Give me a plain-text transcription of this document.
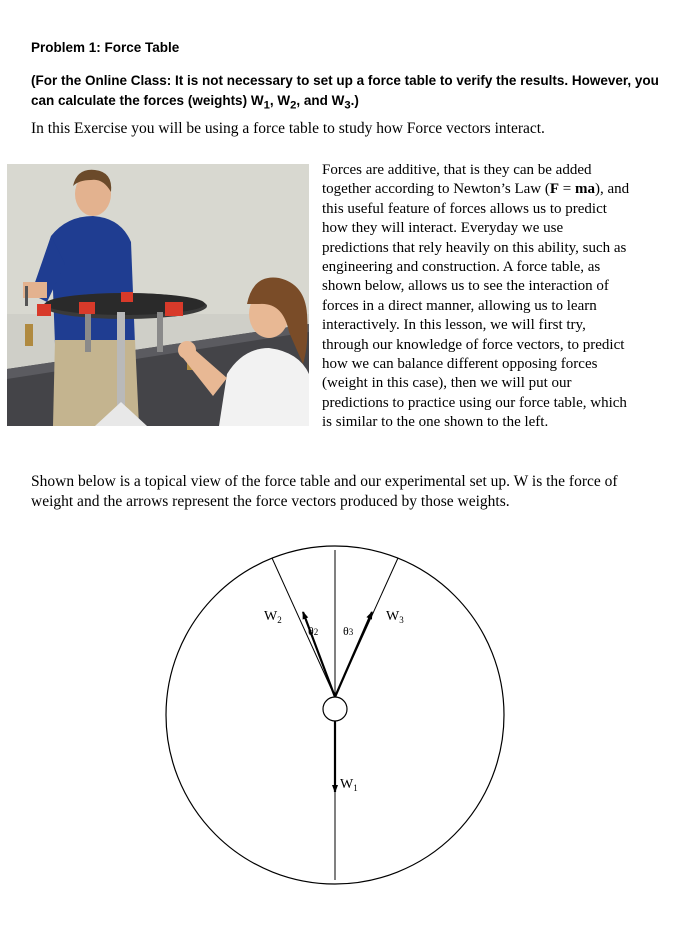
Problem 1: Force Table
(For the Online Class: It is not necessary to set up a force table to verify the results. However, you can calculate the forces (weights) $W_1$, $W_2$, and $W_3$.)
In this Exercise you will be using a force table to study how Force vectors interact.
Forces are additive, that is they can be added
together according to Newton’s Law (F = ma), and
this useful feature of forces allows us to predict
how they will interact. Everyday we use
predictions that rely heavily on this ability, such as
engineering and construction. A force table, as
shown below, allows us to see the interaction of
forces in a direct manner, allowing us to learn
interactively. In this lesson, we will first try,
through our knowledge of force vectors, to predict
how we can balance different opposing forces
(weight in this case), then we will put our
predictions to practice using our force table, which
is similar to the one shown to the left.
Shown below is a topical view of the force table and our experimental set up. W is the force of
weight and the arrows represent the force vectors produced by those weights.
$W_2$	$W_3$
$W_1$
θ2 θ3
